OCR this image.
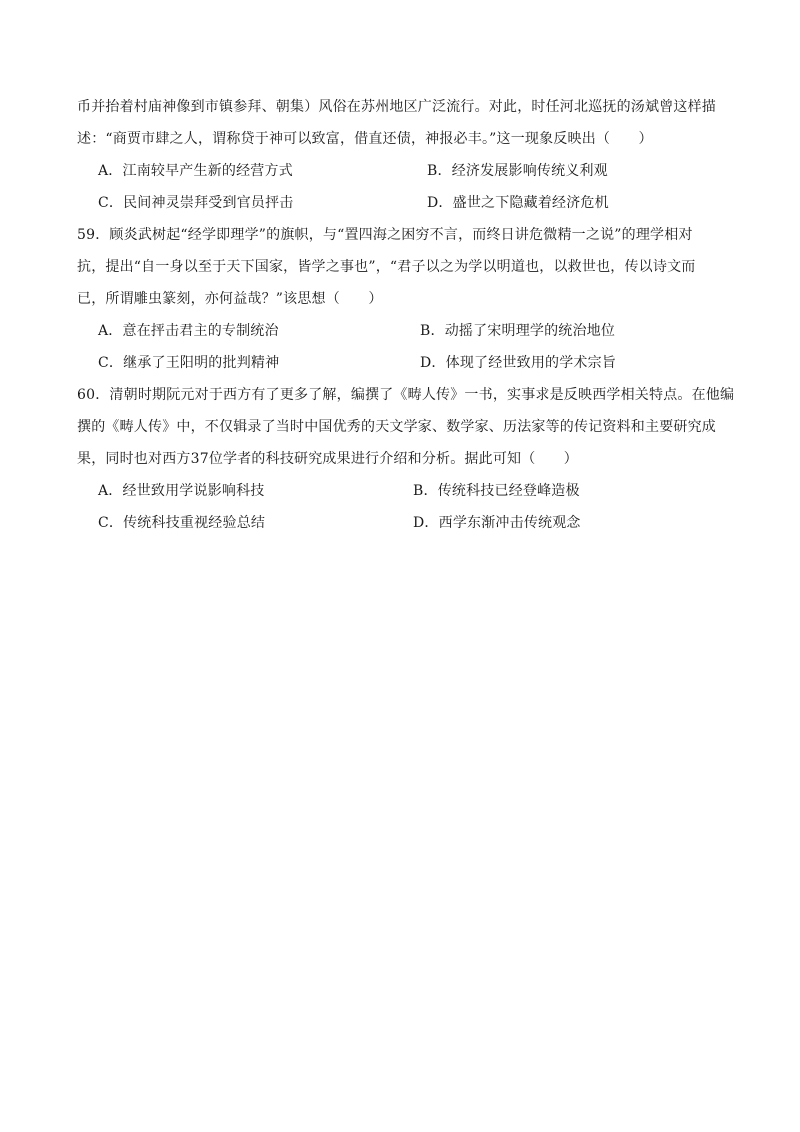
币并抬着村庙神像到市镇参拜、朝集）风俗在苏州地区广泛流行。对此，时任河北巡抚的汤斌曾这样描
述：“商贾市肆之人，谓称贷于神可以致富，借直还债，神报必丰。”这一现象反映出（　　）
A．江南较早产生新的经营方式	B．经济发展影响传统义利观
C．民间神灵崇拜受到官员抨击	D．盛世之下隐藏着经济危机
59．顾炎武树起“经学即理学”的旗帜，与“置四海之困穷不言，而终日讲危微精一之说”的理学相对
抗，提出“自一身以至于天下国家，皆学之事也”，“君子以之为学以明道也，以救世也，传以诗文而
已，所谓雕虫篆刻，亦何益哉？”该思想（　　）
A．意在抨击君主的专制统治	B．动摇了宋明理学的统治地位
C．继承了王阳明的批判精神	D．体现了经世致用的学术宗旨
60．清朝时期阮元对于西方有了更多了解，编撰了《畴人传》一书，实事求是反映西学相关特点。在他编
撰的《畴人传》中，不仅辑录了当时中国优秀的天文学家、数学家、历法家等的传记资料和主要研究成
果，同时也对西方37位学者的科技研究成果进行介绍和分析。据此可知（　　）
A．经世致用学说影响科技	B．传统科技已经登峰造极
C．传统科技重视经验总结	D．西学东渐冲击传统观念
